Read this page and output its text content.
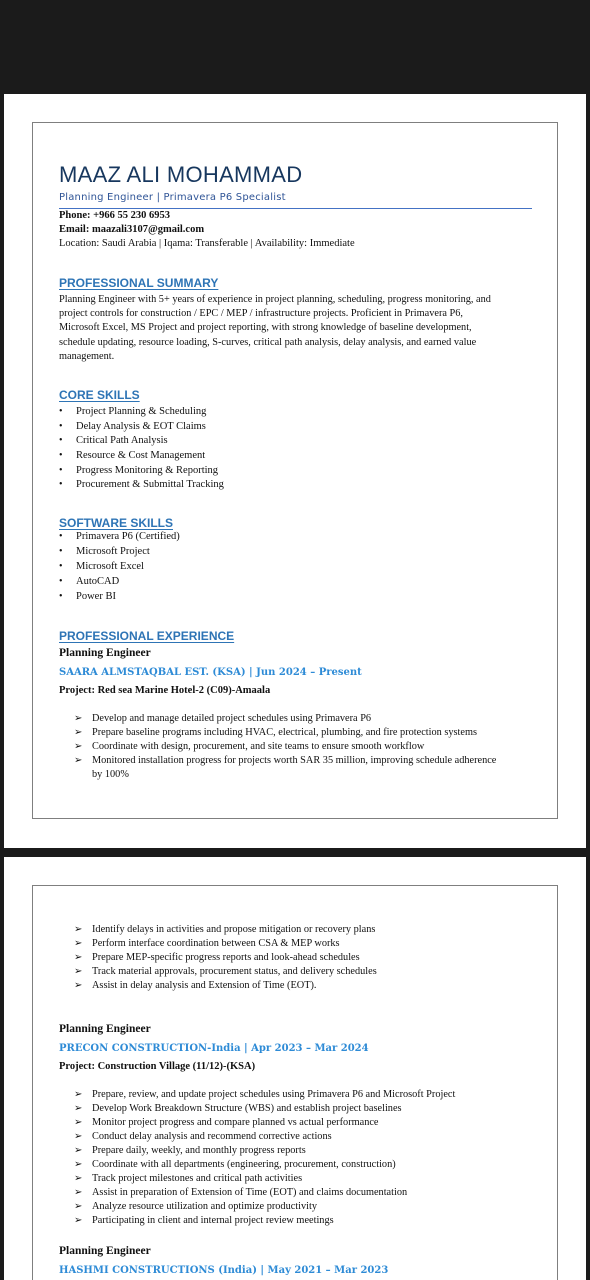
MAAZ ALI MOHAMMAD
Planning Engineer | Primavera P6 Specialist
Phone: +966 55 230 6953
Email: maazali3107@gmail.com
Location: Saudi Arabia | Iqama: Transferable | Availability: Immediate
PROFESSIONAL SUMMARY
Planning Engineer with 5+ years of experience in project planning, scheduling, progress monitoring, and
project controls for construction / EPC / MEP / infrastructure projects. Proficient in Primavera P6,
Microsoft Excel, MS Project and project reporting, with strong knowledge of baseline development,
schedule updating, resource loading, S-curves, critical path analysis, delay analysis, and earned value
management.
CORE SKILLS
• Project Planning & Scheduling
• Delay Analysis & EOT Claims
• Critical Path Analysis
• Resource & Cost Management
• Progress Monitoring & Reporting
• Procurement & Submittal Tracking
SOFTWARE SKILLS
• Primavera P6 (Certified)
• Microsoft Project
• Microsoft Excel
• AutoCAD
• Power BI
PROFESSIONAL EXPERIENCE
Planning Engineer
SAARA ALMSTAQBAL EST. (KSA) | Jun 2024 – Present
Project: Red sea Marine Hotel-2 (C09)-Amaala
➢ Develop and manage detailed project schedules using Primavera P6
➢ Prepare baseline programs including HVAC, electrical, plumbing, and fire protection systems
➢ Coordinate with design, procurement, and site teams to ensure smooth workflow
➢ Monitored installation progress for projects worth SAR 35 million, improving schedule adherence
by 100%
➢ Identify delays in activities and propose mitigation or recovery plans
➢ Perform interface coordination between CSA & MEP works
➢ Prepare MEP-specific progress reports and look-ahead schedules
➢ Track material approvals, procurement status, and delivery schedules
➢ Assist in delay analysis and Extension of Time (EOT).
Planning Engineer
PRECON CONSTRUCTION-India | Apr 2023 – Mar 2024
Project: Construction Village (11/12)-(KSA)
➢ Prepare, review, and update project schedules using Primavera P6 and Microsoft Project
➢ Develop Work Breakdown Structure (WBS) and establish project baselines
➢ Monitor project progress and compare planned vs actual performance
➢ Conduct delay analysis and recommend corrective actions
➢ Prepare daily, weekly, and monthly progress reports
➢ Coordinate with all departments (engineering, procurement, construction)
➢ Track project milestones and critical path activities
➢ Assist in preparation of Extension of Time (EOT) and claims documentation
➢ Analyze resource utilization and optimize productivity
➢ Participating in client and internal project review meetings
Planning Engineer
HASHMI CONSTRUCTIONS (India) | May 2021 – Mar 2023
